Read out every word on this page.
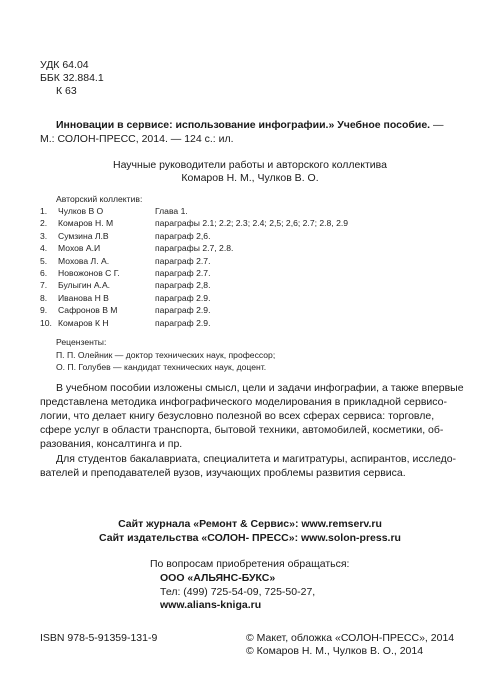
УДК 64.04
ББК 32.884.1
К 63
Инновации в сервисе: использование инфографии.» Учебное пособие. —
М.: СОЛОН-ПРЕСС, 2014. — 124 с.: ил.
Научные руководители работы и авторского коллектива
Комаров Н. М., Чулков В. О.
Авторский коллектив:
1. Чулков В О	Глава 1.
2. Комаров Н. М	параграфы 2.1; 2.2; 2.3; 2.4; 2,5; 2,6; 2.7; 2.8, 2.9
3. Сумзина Л.В	параграф 2,6.
4. Мохов А.И	параграфы 2.7, 2.8.
5. Мохова Л. А.	параграф 2.7.
6. Новожонов С Г.	параграф 2.7.
7. Булыгин А.А.	параграф 2,8.
8. Иванова Н В	параграф 2.9.
9. Сафронов В М	параграф 2.9.
10. Комаров К Н	параграф 2.9.
Рецензенты:
П. П. Олейник — доктор технических наук, профессор;
О. П. Голубев — кандидат технических наук, доцент.
В учебном пособии изложены смысл, цели и задачи инфографии, а также впервые
представлена методика инфографического моделирования в прикладной сервисо-
логии, что делает книгу безусловно полезной во всех сферах сервиса: торговле,
сфере услуг в области транспорта, бытовой техники, автомобилей, косметики, об-
разования, консалтинга и пр.
Для студентов бакалавриата, специалитета и магитратуры, аспирантов, исследо-
вателей и преподавателей вузов, изучающих проблемы развития сервиса.
Сайт журнала «Ремонт & Сервис»: www.remserv.ru
Сайт издательства «СОЛОН- ПРЕСС»: www.solon-press.ru
По вопросам приобретения обращаться:
ООО «АЛЬЯНС-БУКС»
Тел: (499) 725-54-09, 725-50-27,
www.alians-kniga.ru
ISBN 978-5-91359-131-9	© Макет, обложка «СОЛОН-ПРЕСС», 2014
© Комаров Н. М., Чулков В. О., 2014
